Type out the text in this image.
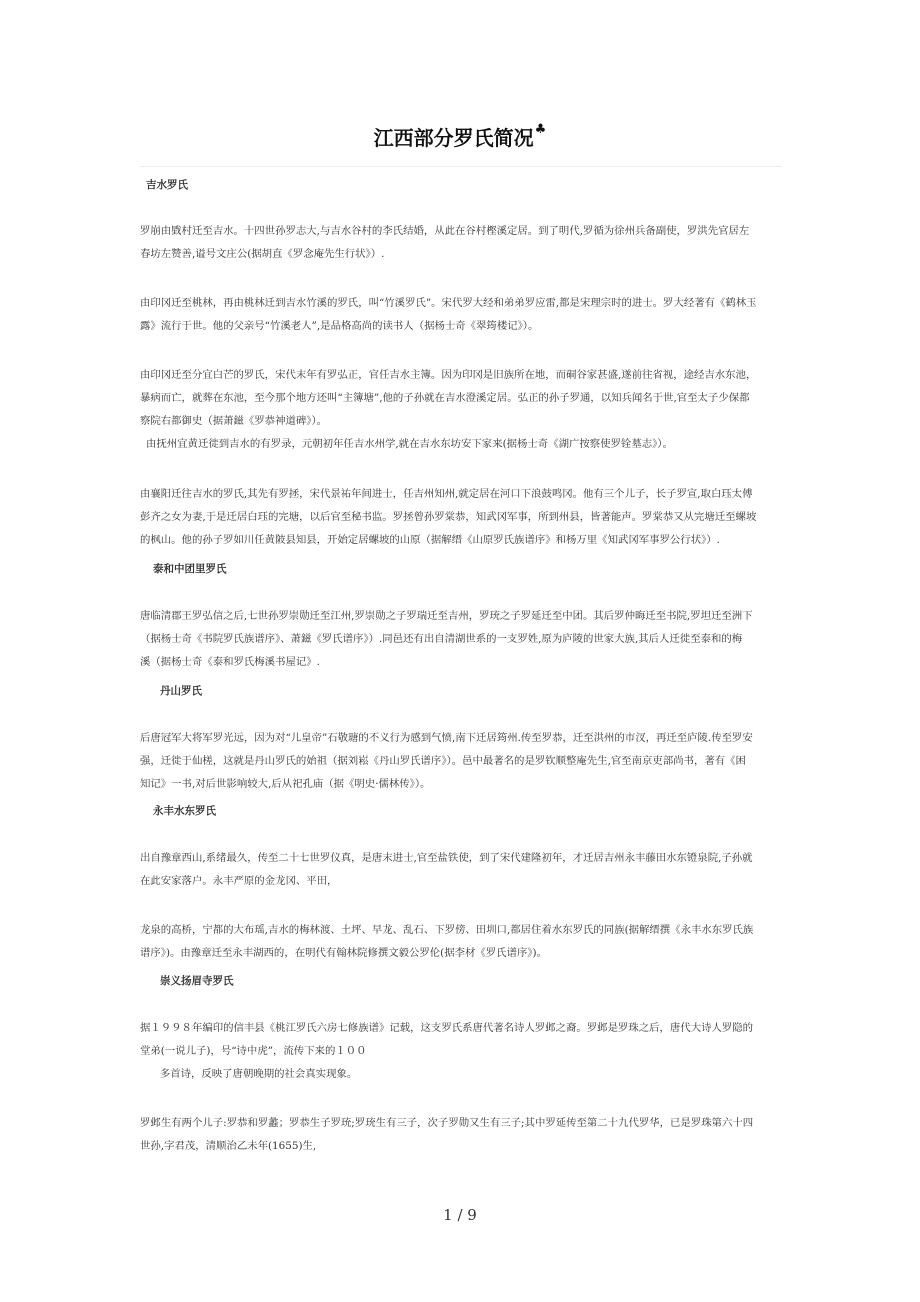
江西部分罗氏简况♣
吉水罗氏
罗崩由戥村迁至吉水。十四世孙罗志大,与吉水谷村的李氏结婚，从此在谷村樫溪定居。到了明代,罗循为徐州兵备副使，罗洪先官居左
春坊左赞善,谥号文庄公(据胡直《罗念庵先生行状》）.
由印冈迁至桃林，再由桃林迁到吉水竹溪的罗氏，叫“竹溪罗氏”。宋代罗大经和弟弟罗应雷,都是宋理宗时的进士。罗大经著有《鹤林玉
露》流行于世。他的父亲号“竹溪老人”,是品格高尚的读书人（据杨士奇《翠筠楼记》）。
由印冈迁至分宜白芒的罗氏，宋代末年有罗弘正，官任吉水主簿。因为印冈是旧族所在地，而硐谷家甚盛,遂前往省视，途经吉水东池，
暴病而亡，就葬在东池，至今那个地方还叫“主簿塘”,他的子孙就在吉水澄溪定居。弘正的孙子罗通，以知兵闻名于世,官至太子少保都
察院右都御史（据萧鎡《罗恭神道碑》）。
由抚州宜黄迁徙到吉水的有罗录，元朝初年任吉水州学,就在吉水东坊安下家来(据杨士奇《湖广按察使罗铨墓志》）。
由襄阳迁往吉水的罗氏,其先有罗拯，宋代景祐年间进士，任吉州知州,就定居在河口下浪鼓鸣冈。他有三个儿子，长子罗宣,取白珏太傅
彭齐之女为妻,于是迁居白珏的完塘，以后官至秘书监。罗拯曾孙罗棠恭，知武冈军事，所到州县，皆著能声。罗棠恭又从完塘迁至螺坡
的枫山。他的孙子罗如川任黄陂县知县，开始定居螺坡的山原（据解缙《山原罗氏族谱序》和杨万里《知武冈军事罗公行状》）.
泰和中团里罗氏
唐临清郡王罗弘信之后,七世孙罗崇勋迁至江州,罗崇勋之子罗瑞迁至吉州，罗珫之子罗延迁至中团。其后罗仲晦迁至书院,罗坦迁至洲下
（据杨士奇《书院罗氏族谱序》、萧鎡《罗氏谱序》）.同邑还有出自清湖世系的一支罗姓,原为庐陵的世家大族,其后人迁徙至泰和的梅
溪（据杨士奇《泰和罗氏梅溪书屋记》.
丹山罗氏
后唐冠军大将军罗光远，因为对“儿皇帝”石敬瑭的不义行为感到气愤,南下迁居筠州.传至罗恭，迁至洪州的市汊，再迁至庐陵.传至罗安
强，迁徙于仙槎，这就是丹山罗氏的始祖（据刘崧《丹山罗氏谱序》）。邑中最著名的是罗钦顺整庵先生,官至南京吏部尚书，著有《困
知记》一书,对后世影响较大,后从祀孔庙（据《明史·儒林传》）。
永丰水东罗氏
出自豫章西山,系绪最久，传至二十七世罗仪真，是唐末进士,官至盐铁使，到了宋代建隆初年，才迁居吉州永丰藤田水东镫泉院,子孙就
在此安家落户。永丰严原的金龙冈、平田，
龙泉的高桥，宁都的大布瑶,吉水的梅林渡、土坪、早龙、乱石、下罗傍、田圳口,都居住着水东罗氏的同族(据解缙撰《永丰水东罗氏族
谱序》)。由豫章迁至永丰湖西的，在明代有翰林院修撰文毅公罗伦(据李材《罗氏谱序》)。
崇义扬眉寺罗氏
据１９９８年编印的信丰县《桃江罗氏六房七修族谱》记载，这支罗氏系唐代著名诗人罗邺之裔。罗邺是罗珠之后，唐代大诗人罗隐的
堂弟(一说儿子)，号“诗中虎”，流传下来的１００
多首诗，反映了唐朝晚期的社会真实现象。
罗邺生有两个儿子:罗恭和罗蠡；罗恭生子罗珫;罗珫生有三子，次子罗勋又生有三子;其中罗延传至第二十九代罗华，已是罗珠第六十四
世孙,字君茂，清顺治乙未年(1655)生,
1 / 9
